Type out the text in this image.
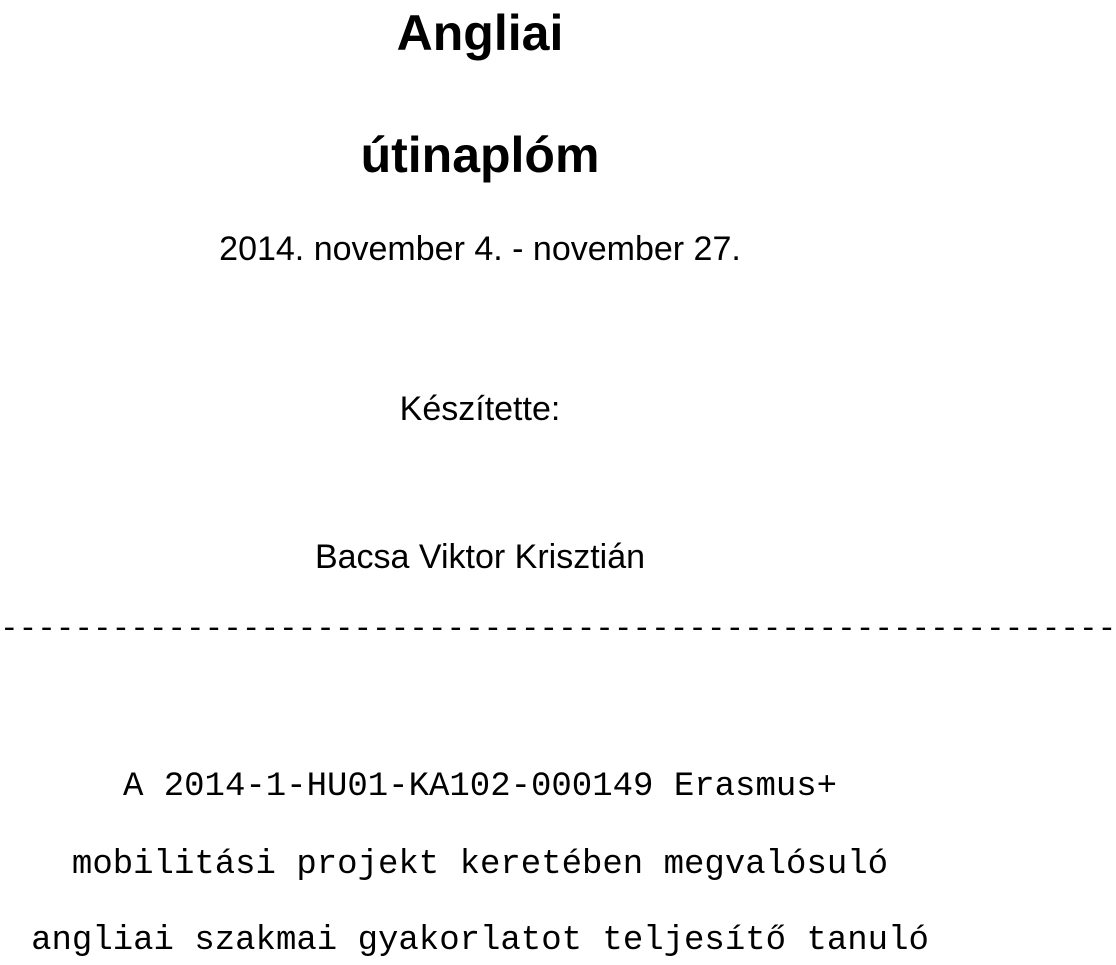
Angliai
útinaplóm
2014. november 4. - november 27.
Készítette:
Bacsa Viktor Krisztián
------------------------------------------------------------
A 2014-1-HU01-KA102-000149 Erasmus+
mobilitási projekt keretében megvalósuló
angliai szakmai gyakorlatot teljesítő tanuló
